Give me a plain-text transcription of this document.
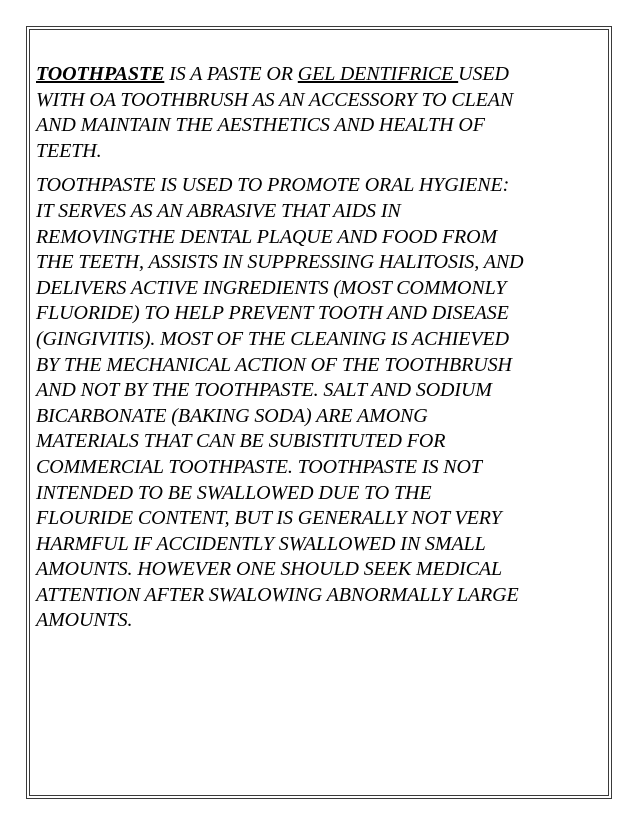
TOOTHPASTE IS A PASTE OR GEL DENTIFRICE USED
WITH OA TOOTHBRUSH AS AN ACCESSORY TO CLEAN
AND MAINTAIN THE AESTHETICS AND HEALTH OF
TEETH.

TOOTHPASTE IS USED TO PROMOTE ORAL HYGIENE:
IT SERVES AS AN ABRASIVE THAT AIDS IN
REMOVINGTHE DENTAL PLAQUE AND FOOD FROM
THE TEETH, ASSISTS IN SUPPRESSING HALITOSIS, AND
DELIVERS ACTIVE INGREDIENTS (MOST COMMONLY
FLUORIDE) TO HELP PREVENT TOOTH AND DISEASE
(GINGIVITIS). MOST OF THE CLEANING IS ACHIEVED
BY THE MECHANICAL ACTION OF THE TOOTHBRUSH
AND NOT BY THE TOOTHPASTE. SALT AND SODIUM
BICARBONATE (BAKING SODA) ARE AMONG
MATERIALS THAT CAN BE SUBISTITUTED FOR
COMMERCIAL TOOTHPASTE. TOOTHPASTE IS NOT
INTENDED TO BE SWALLOWED DUE TO THE
FLOURIDE CONTENT, BUT IS GENERALLY NOT VERY
HARMFUL IF ACCIDENTLY SWALLOWED IN SMALL
AMOUNTS. HOWEVER ONE SHOULD SEEK MEDICAL
ATTENTION AFTER SWALOWING ABNORMALLY LARGE
AMOUNTS.
